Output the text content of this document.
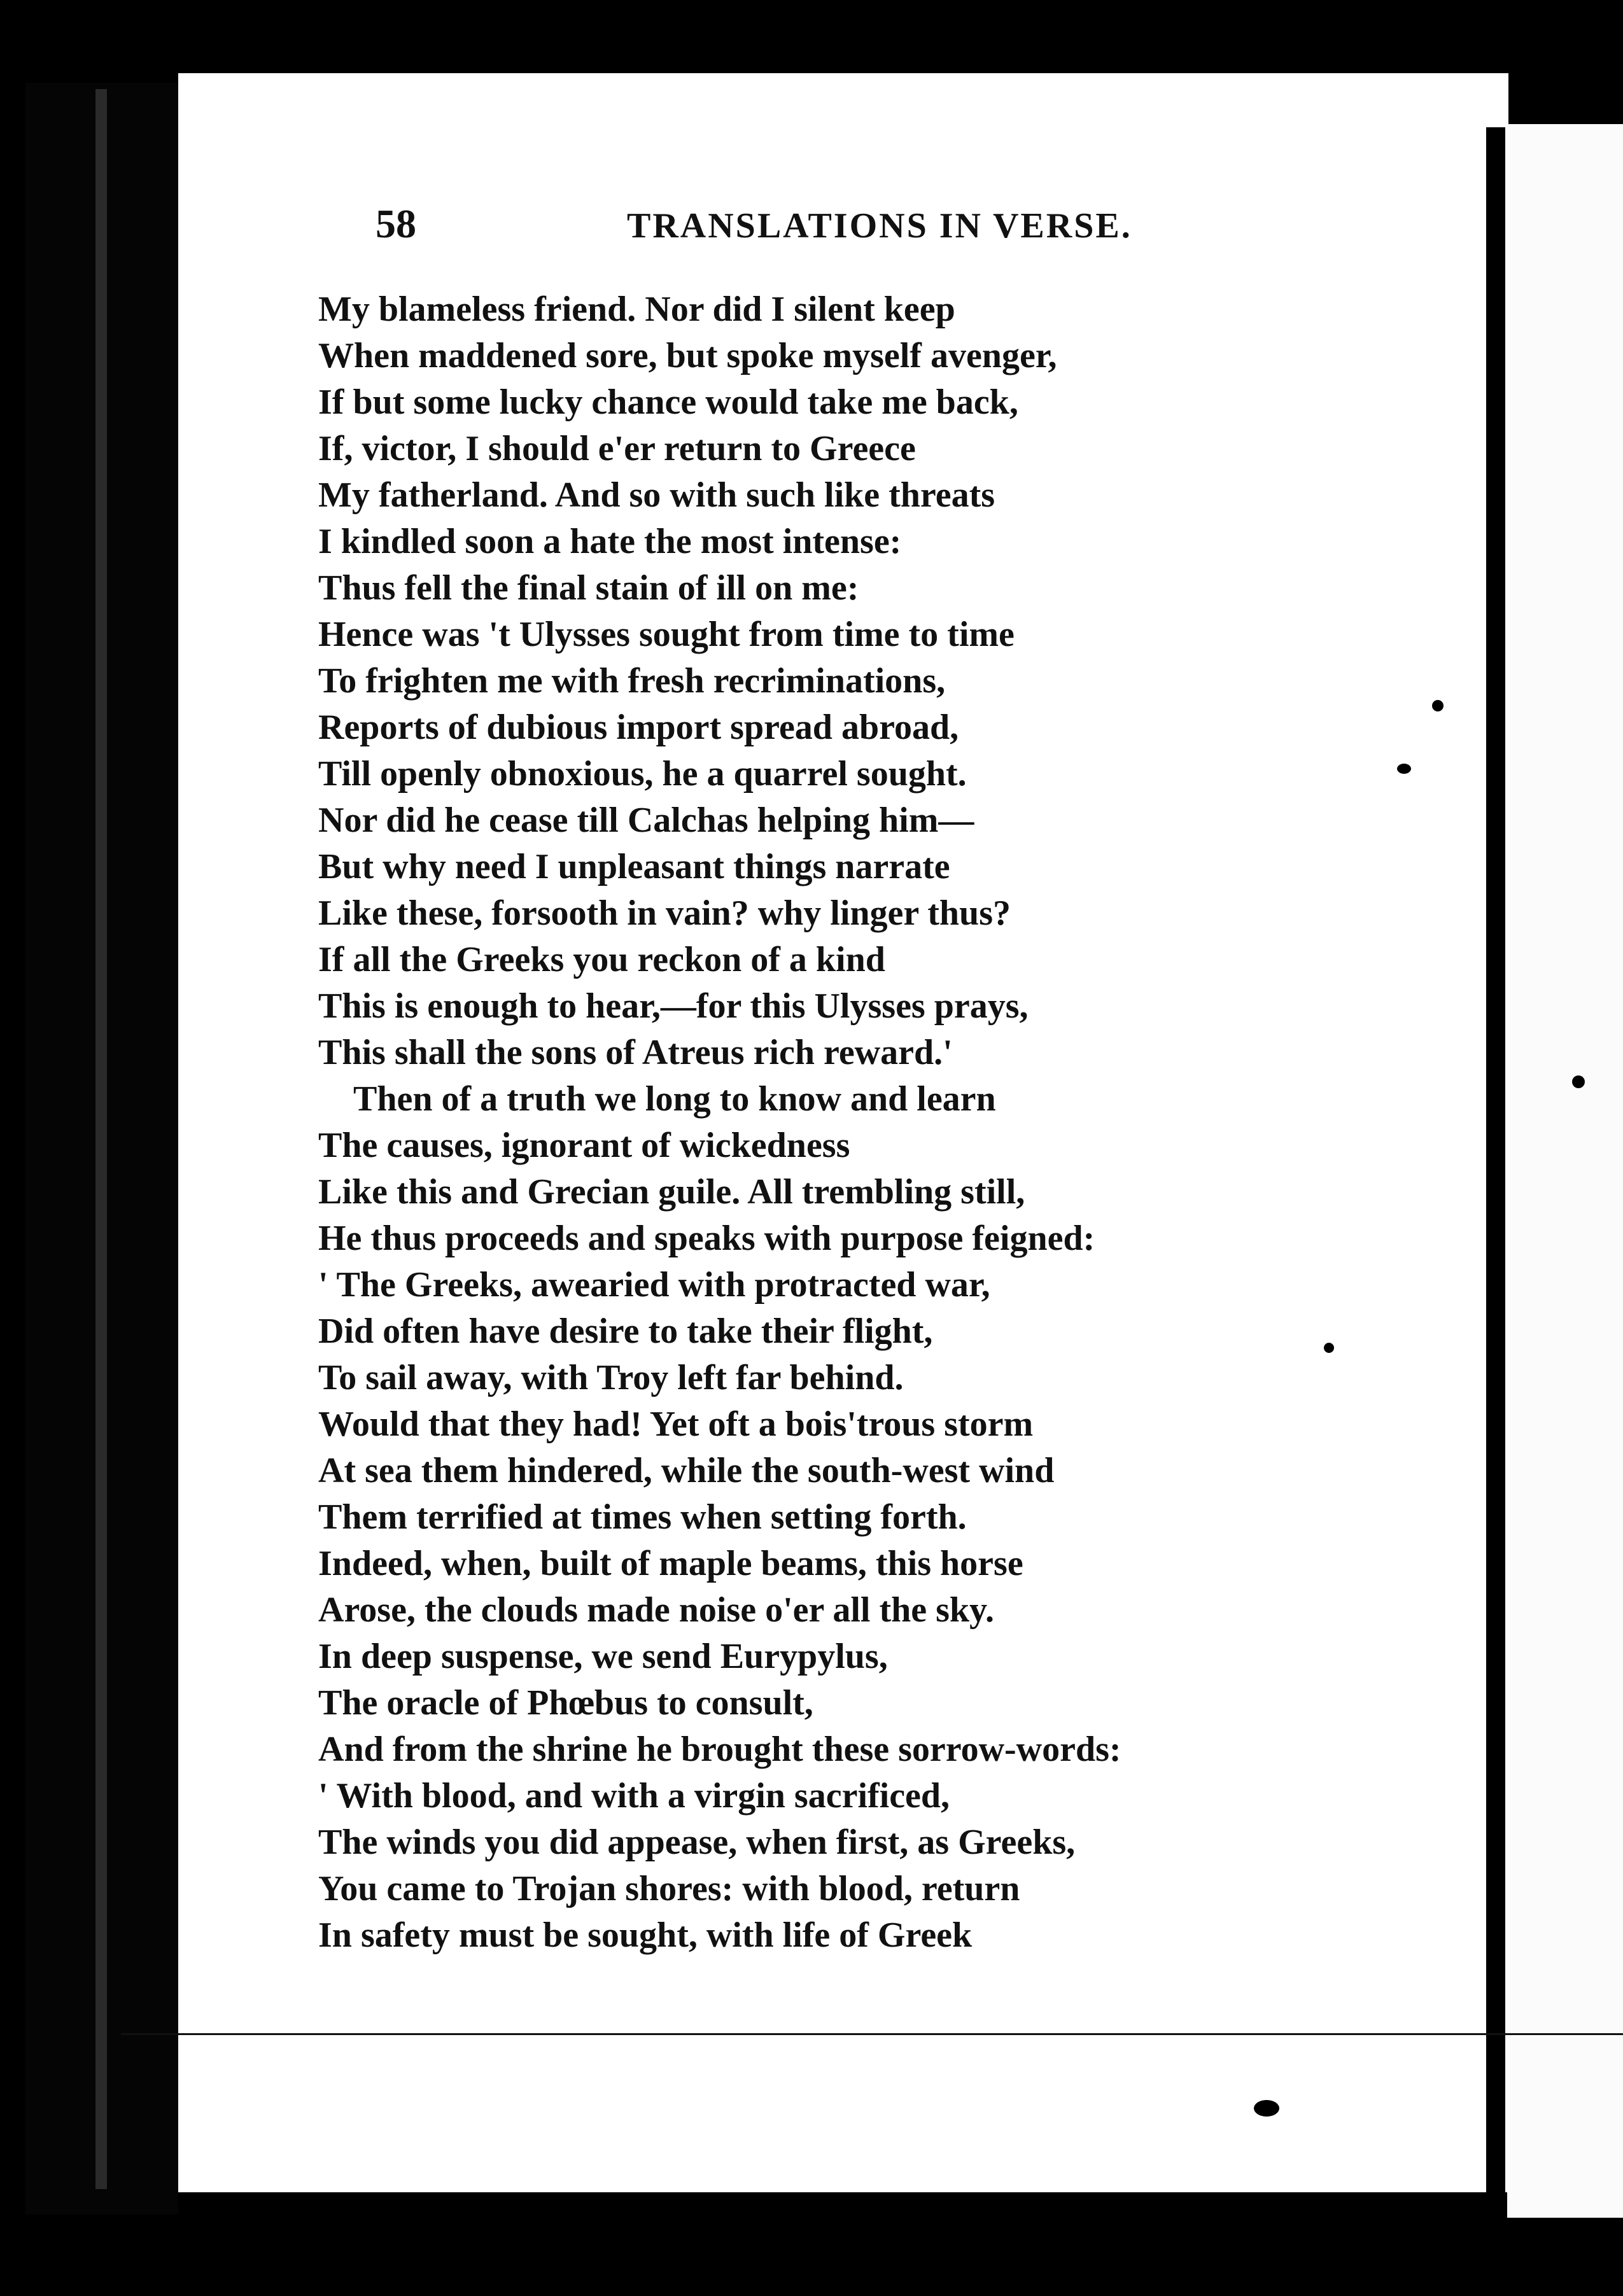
58	TRANSLATIONS IN VERSE.
My blameless friend. Nor did I silent keep
When maddened sore, but spoke myself avenger,
If but some lucky chance would take me back,
If, victor, I should e'er return to Greece
My fatherland. And so with such like threats
I kindled soon a hate the most intense:
Thus fell the final stain of ill on me:
Hence was 't Ulysses sought from time to time
To frighten me with fresh recriminations,
Reports of dubious import spread abroad,
Till openly obnoxious, he a quarrel sought.
Nor did he cease till Calchas helping him—
But why need I unpleasant things narrate
Like these, forsooth in vain? why linger thus?
If all the Greeks you reckon of a kind
This is enough to hear,—for this Ulysses prays,
This shall the sons of Atreus rich reward.'
Then of a truth we long to know and learn
The causes, ignorant of wickedness
Like this and Grecian guile. All trembling still,
He thus proceeds and speaks with purpose feigned:
' The Greeks, awearied with protracted war,
Did often have desire to take their flight,
To sail away, with Troy left far behind.
Would that they had! Yet oft a bois'trous storm
At sea them hindered, while the south-west wind
Them terrified at times when setting forth.
Indeed, when, built of maple beams, this horse
Arose, the clouds made noise o'er all the sky.
In deep suspense, we send Eurypylus,
The oracle of Phœbus to consult,
And from the shrine he brought these sorrow-words:
' With blood, and with a virgin sacrificed,
The winds you did appease, when first, as Greeks,
You came to Trojan shores: with blood, return
In safety must be sought, with life of Greek
